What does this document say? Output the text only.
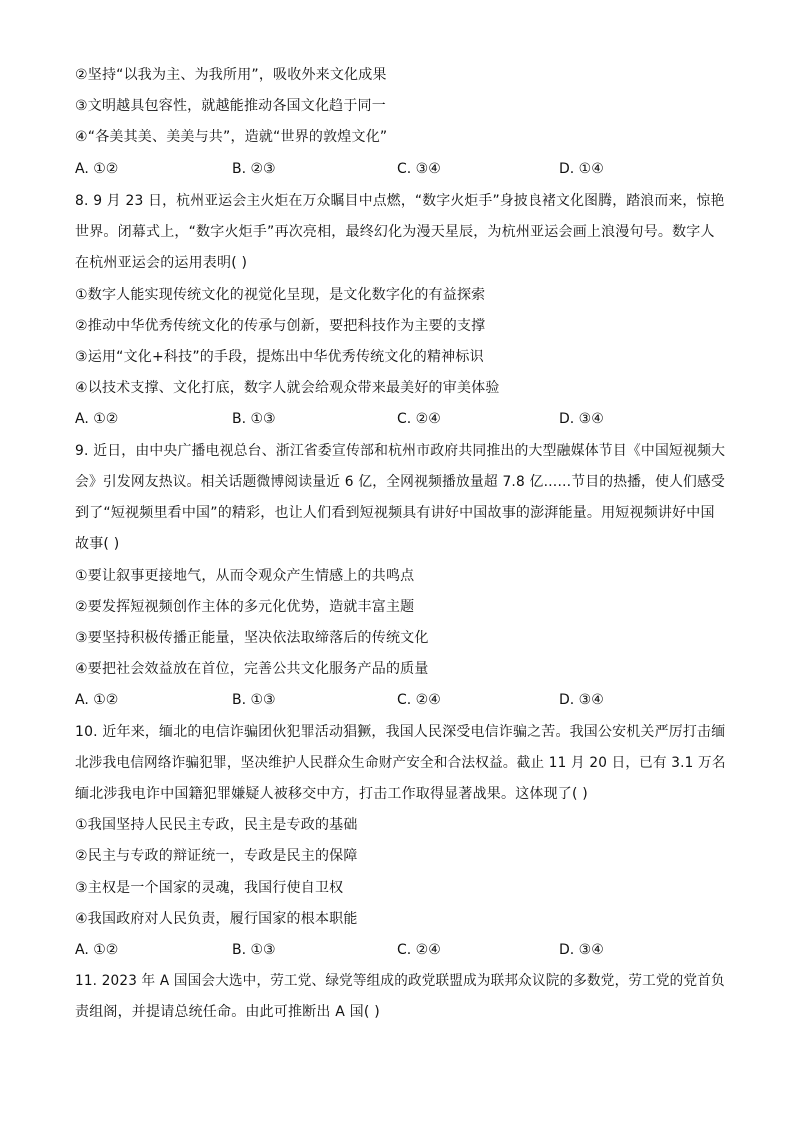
②坚持“以我为主、为我所用”，吸收外来文化成果
③文明越具包容性，就越能推动各国文化趋于同一
④“各美其美、美美与共”，造就“世界的敦煌文化”
A. ①②	B. ②③	C. ③④	D. ①④
8. 9 月 23 日，杭州亚运会主火炬在万众瞩目中点燃，“数字火炬手”身披良褚文化图腾，踏浪而来，惊艳
世界。闭幕式上，“数字火炬手”再次亮相，最终幻化为漫天星辰，为杭州亚运会画上浪漫句号。数字人
在杭州亚运会的运用表明( )
①数字人能实现传统文化的视觉化呈现，是文化数字化的有益探索
②推动中华优秀传统文化的传承与创新，要把科技作为主要的支撑
③运用“文化+科技”的手段，提炼出中华优秀传统文化的精神标识
④以技术支撑、文化打底，数字人就会给观众带来最美好的审美体验
A. ①②	B. ①③	C. ②④	D. ③④
9. 近日，由中央广播电视总台、浙江省委宣传部和杭州市政府共同推出的大型融媒体节目《中国短视频大
会》引发网友热议。相关话题微博阅读量近 6 亿，全网视频播放量超 7.8 亿……节目的热播，使人们感受
到了“短视频里看中国”的精彩，也让人们看到短视频具有讲好中国故事的澎湃能量。用短视频讲好中国
故事( )
①要让叙事更接地气，从而令观众产生情感上的共鸣点
②要发挥短视频创作主体的多元化优势，造就丰富主题
③要坚持积极传播正能量，坚决依法取缔落后的传统文化
④要把社会效益放在首位，完善公共文化服务产品的质量
A. ①②	B. ①③	C. ②④	D. ③④
10. 近年来，缅北的电信诈骗团伙犯罪活动猖獗，我国人民深受电信诈骗之苦。我国公安机关严厉打击缅
北涉我电信网络诈骗犯罪，坚决维护人民群众生命财产安全和合法权益。截止 11 月 20 日，已有 3.1 万名
缅北涉我电诈中国籍犯罪嫌疑人被移交中方，打击工作取得显著战果。这体现了( )
①我国坚持人民民主专政，民主是专政的基础
②民主与专政的辩证统一，专政是民主的保障
③主权是一个国家的灵魂，我国行使自卫权
④我国政府对人民负责，履行国家的根本职能
A. ①②	B. ①③	C. ②④	D. ③④
11. 2023 年 A 国国会大选中，劳工党、绿党等组成的政党联盟成为联邦众议院的多数党，劳工党的党首负
责组阁，并提请总统任命。由此可推断出 A 国( )
